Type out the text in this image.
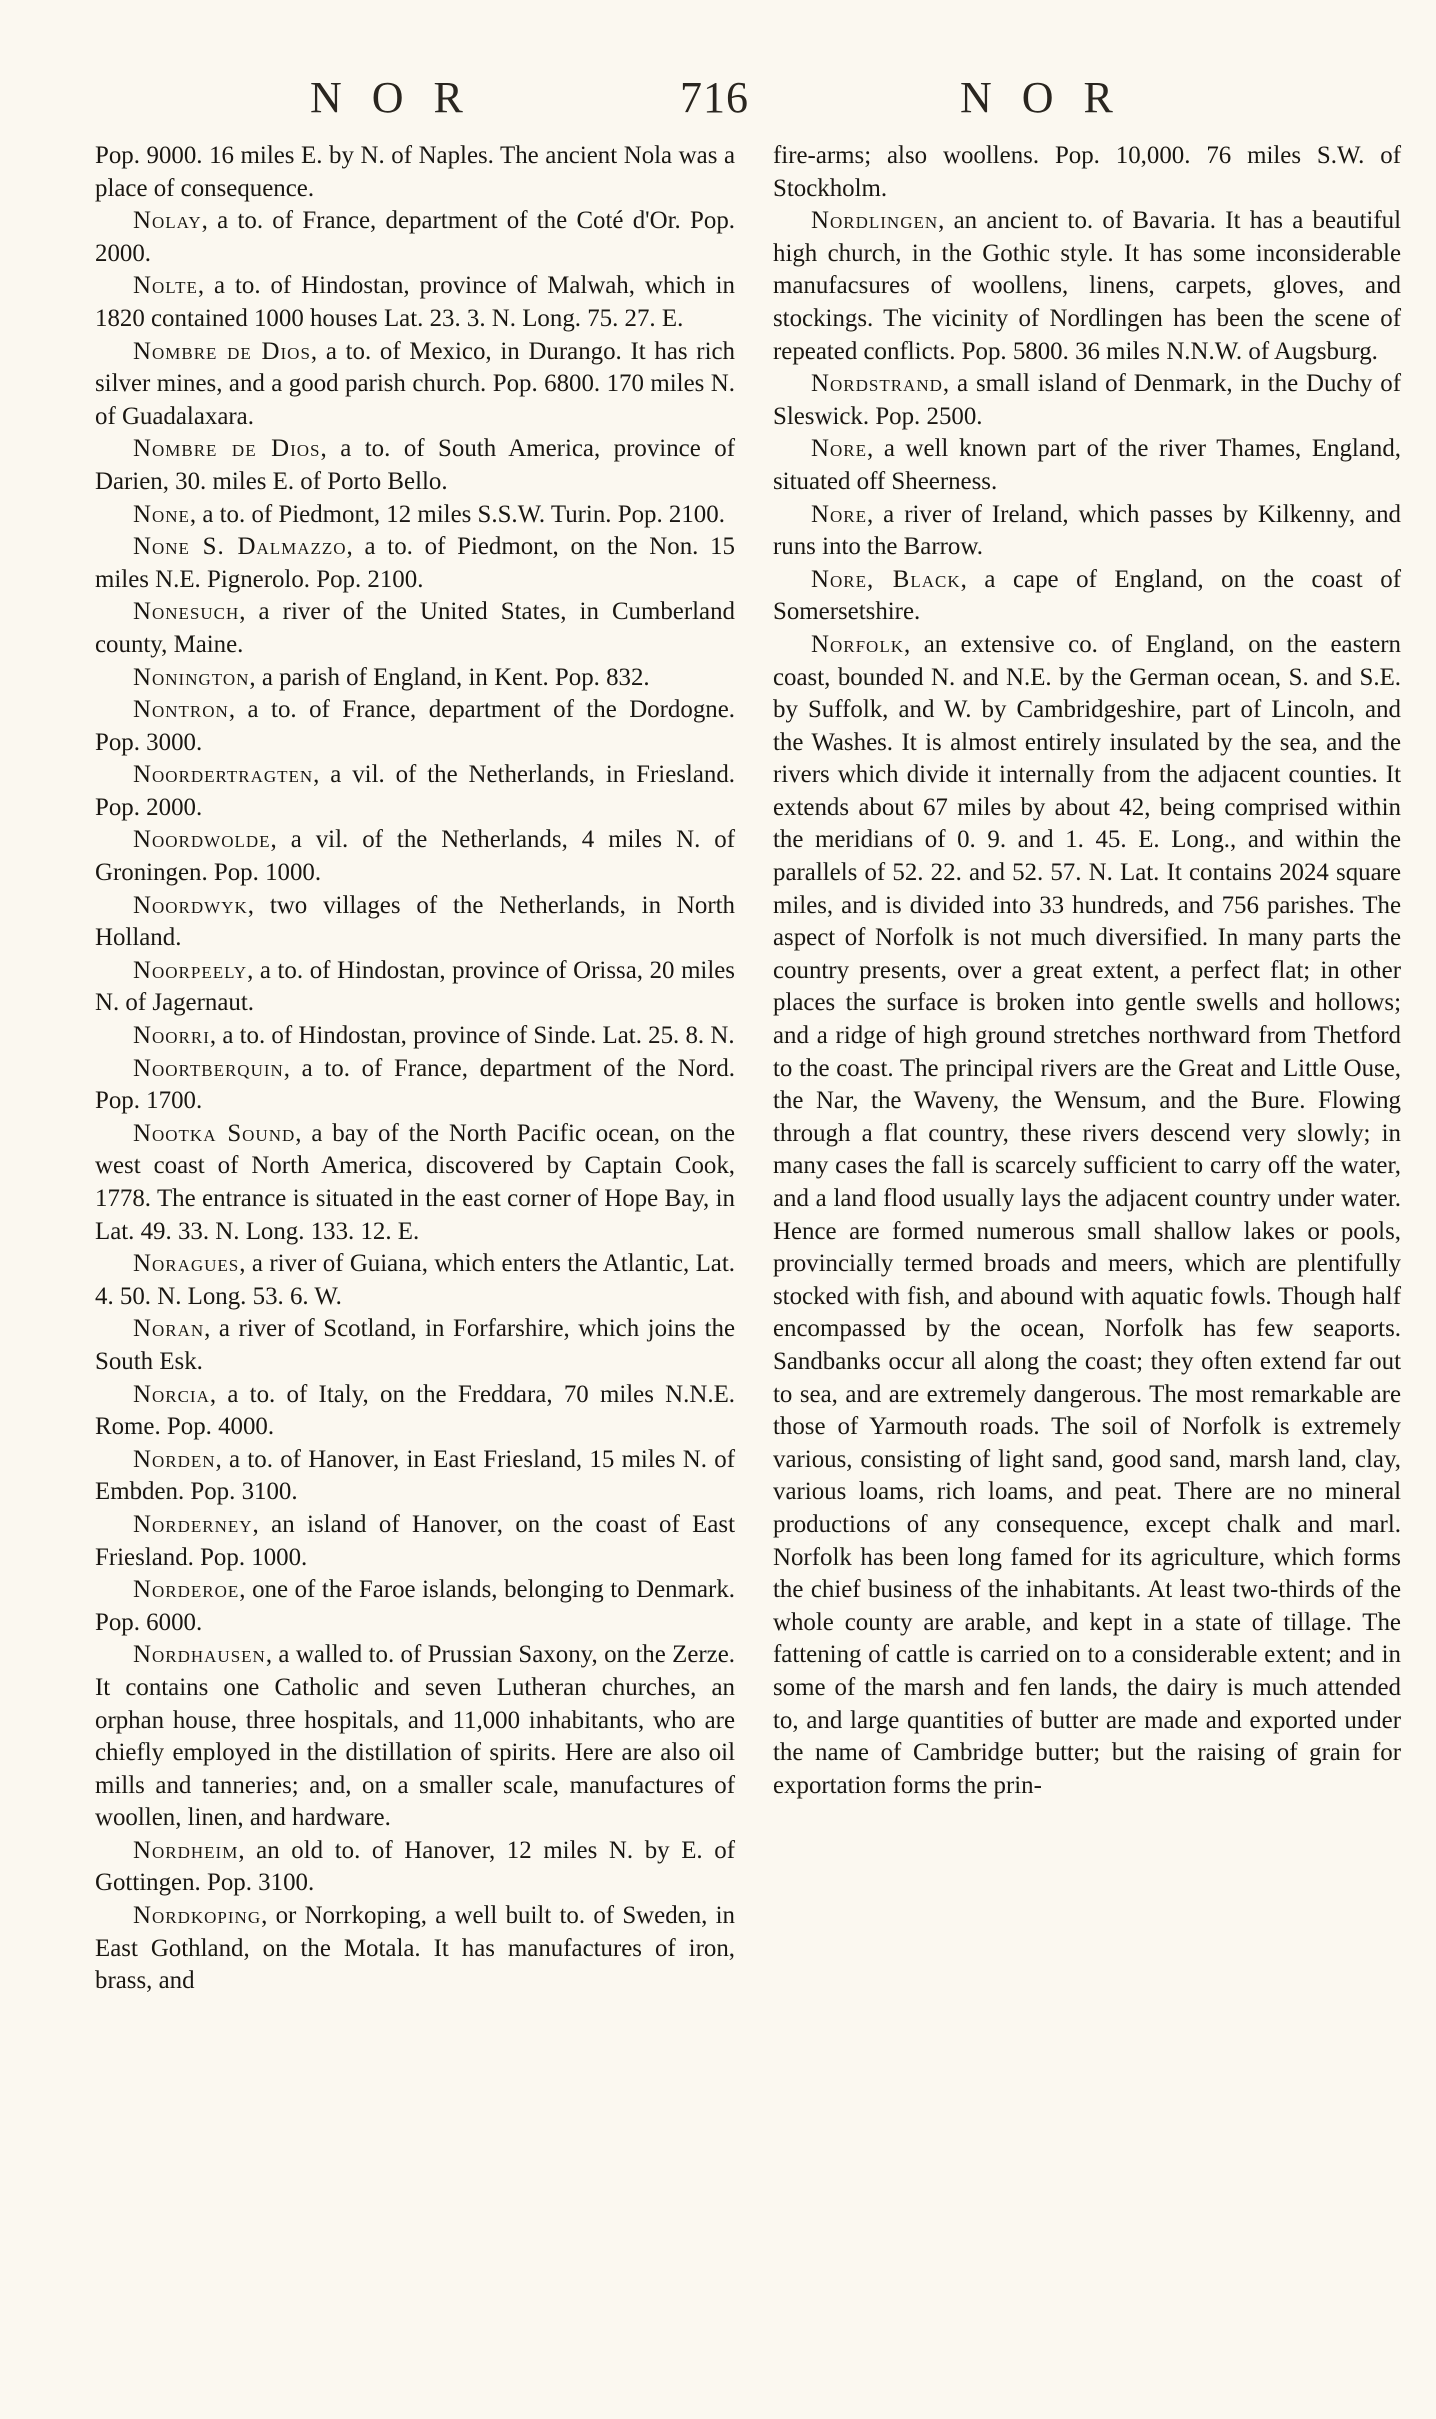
NOR	716	NOR

Pop. 9000. 16 miles E. by N. of Naples. The ancient Nola was a place of consequence.

Nolay, a to. of France, department of the Coté d'Or. Pop. 2000.

Nolte, a to. of Hindostan, province of Malwah, which in 1820 contained 1000 houses Lat. 23. 3. N. Long. 75. 27. E.

Nombre de Dios, a to. of Mexico, in Durango. It has rich silver mines, and a good parish church. Pop. 6800. 170 miles N. of Guadalaxara.

Nombre de Dios, a to. of South America, province of Darien, 30. miles E. of Porto Bello.

None, a to. of Piedmont, 12 miles S.S.W. Turin. Pop. 2100.

None S. Dalmazzo, a to. of Piedmont, on the Non. 15 miles N.E. Pignerolo. Pop. 2100.

Nonesuch, a river of the United States, in Cumberland county, Maine.

Nonington, a parish of England, in Kent. Pop. 832.

Nontron, a to. of France, department of the Dordogne. Pop. 3000.

Noordertragten, a vil. of the Netherlands, in Friesland. Pop. 2000.

Noordwolde, a vil. of the Netherlands, 4 miles N. of Groningen. Pop. 1000.

Noordwyk, two villages of the Netherlands, in North Holland.

Noorpeely, a to. of Hindostan, province of Orissa, 20 miles N. of Jagernaut.

Noorri, a to. of Hindostan, province of Sinde. Lat. 25. 8. N.

Noortberquin, a to. of France, department of the Nord. Pop. 1700.

Nootka Sound, a bay of the North Pacific ocean, on the west coast of North America, discovered by Captain Cook, 1778. The entrance is situated in the east corner of Hope Bay, in Lat. 49. 33. N. Long. 133. 12. E.

Noragues, a river of Guiana, which enters the Atlantic, Lat. 4. 50. N. Long. 53. 6. W.

Noran, a river of Scotland, in Forfarshire, which joins the South Esk.

Norcia, a to. of Italy, on the Freddara, 70 miles N.N.E. Rome. Pop. 4000.

Norden, a to. of Hanover, in East Friesland, 15 miles N. of Embden. Pop. 3100.

Norderney, an island of Hanover, on the coast of East Friesland. Pop. 1000.

Norderoe, one of the Faroe islands, belonging to Denmark. Pop. 6000.

Nordhausen, a walled to. of Prussian Saxony, on the Zerze. It contains one Catholic and seven Lutheran churches, an orphan house, three hospitals, and 11,000 inhabitants, who are chiefly employed in the distillation of spirits. Here are also oil mills and tanneries; and, on a smaller scale, manufactures of woollen, linen, and hardware.

Nordheim, an old to. of Hanover, 12 miles N. by E. of Gottingen. Pop. 3100.

Nordkoping, or Norrkoping, a well built to. of Sweden, in East Gothland, on the Motala. It has manufactures of iron, brass, and

fire-arms; also woollens. Pop. 10,000. 76 miles S.W. of Stockholm.

Nordlingen, an ancient to. of Bavaria. It has a beautiful high church, in the Gothic style. It has some inconsiderable manufacsures of woollens, linens, carpets, gloves, and stockings. The vicinity of Nordlingen has been the scene of repeated conflicts. Pop. 5800. 36 miles N.N.W. of Augsburg.

Nordstrand, a small island of Denmark, in the Duchy of Sleswick. Pop. 2500.

Nore, a well known part of the river Thames, England, situated off Sheerness.

Nore, a river of Ireland, which passes by Kilkenny, and runs into the Barrow.

Nore, Black, a cape of England, on the coast of Somersetshire.

Norfolk, an extensive co. of England, on the eastern coast, bounded N. and N.E. by the German ocean, S. and S.E. by Suffolk, and W. by Cambridgeshire, part of Lincoln, and the Washes. It is almost entirely insulated by the sea, and the rivers which divide it internally from the adjacent counties. It extends about 67 miles by about 42, being comprised within the meridians of 0. 9. and 1. 45. E. Long., and within the parallels of 52. 22. and 52. 57. N. Lat. It contains 2024 square miles, and is divided into 33 hundreds, and 756 parishes. The aspect of Norfolk is not much diversified. In many parts the country presents, over a great extent, a perfect flat; in other places the surface is broken into gentle swells and hollows; and a ridge of high ground stretches northward from Thetford to the coast. The principal rivers are the Great and Little Ouse, the Nar, the Waveny, the Wensum, and the Bure. Flowing through a flat country, these rivers descend very slowly; in many cases the fall is scarcely sufficient to carry off the water, and a land flood usually lays the adjacent country under water. Hence are formed numerous small shallow lakes or pools, provincially termed broads and meers, which are plentifully stocked with fish, and abound with aquatic fowls. Though half encompassed by the ocean, Norfolk has few seaports. Sandbanks occur all along the coast; they often extend far out to sea, and are extremely dangerous. The most remarkable are those of Yarmouth roads. The soil of Norfolk is extremely various, consisting of light sand, good sand, marsh land, clay, various loams, rich loams, and peat. There are no mineral productions of any consequence, except chalk and marl. Norfolk has been long famed for its agriculture, which forms the chief business of the inhabitants. At least two-thirds of the whole county are arable, and kept in a state of tillage. The fattening of cattle is carried on to a considerable extent; and in some of the marsh and fen lands, the dairy is much attended to, and large quantities of butter are made and exported under the name of Cambridge butter; but the raising of grain for exportation forms the prin-
